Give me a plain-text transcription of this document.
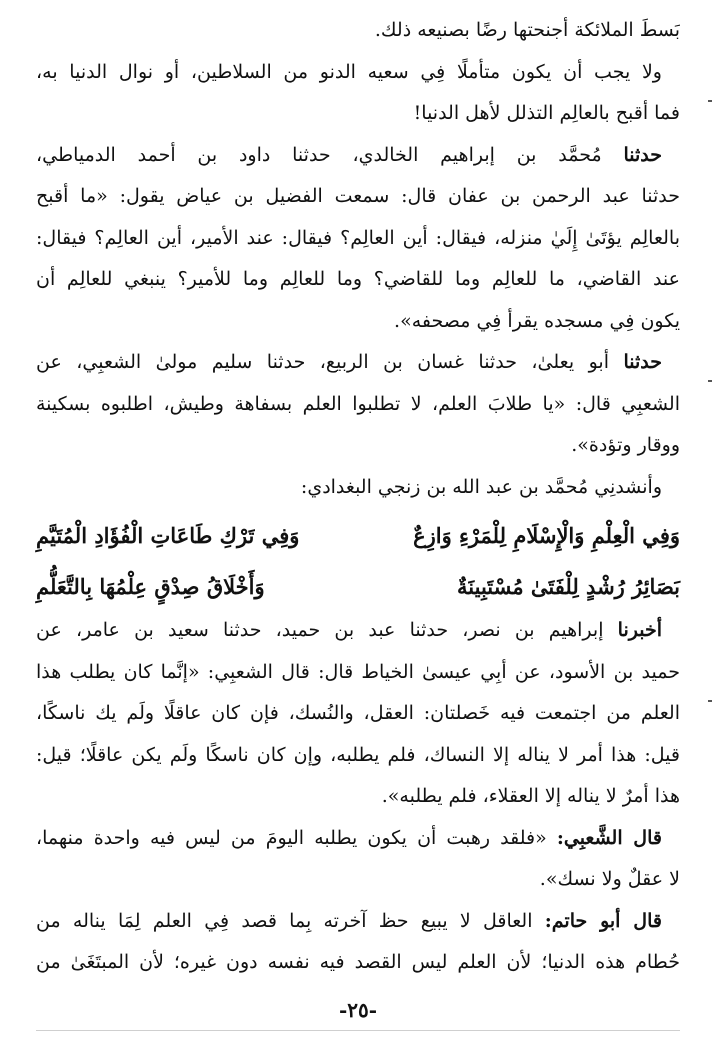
بَسطَ الملائكة أجنحتها رضًا بصنيعه ذلك.
ولا يجب أن يكون متأملًا فِي سعيه الدنو من السلاطين، أو نوال الدنيا به،
فما أقبح بالعالِم التذلل لأهل الدنيا!
حدثنا مُحمَّد بن إبراهيم الخالدي، حدثنا داود بن أحمد الدمياطي،
حدثنا عبد الرحمن بن عفان قال: سمعت الفضيل بن عياض يقول: «ما أقبح
بالعالِم يؤتَىٰ إِلَيٰ منزله، فيقال: أين العالِم؟ فيقال: عند الأمير، أين العالِم؟ فيقال:
عند القاضي، ما للعالِم وما للقاضي؟ وما للعالِم وما للأمير؟ ينبغي للعالِم أن
يكون فِي مسجده يقرأ فِي مصحفه».
حدثنا أبو يعلىٰ، حدثنا غسان بن الربيع، حدثنا سليم مولىٰ الشعبِي، عن
الشعبِي قال: «يا طلابَ العلم، لا تطلبوا العلم بسفاهة وطيش، اطلبوه بسكينة
ووقار وتؤدة».
وأنشدنِي مُحمَّد بن عبد الله بن زنجي البغدادي:
وَفِي الْعِلْمِ وَالْإِسْلَامِ لِلْمَرْءِ وَازِعٌ
وَفِي تَرْكِ طَاعَاتِ الْفُؤَادِ الْمُتَيَّمِ
بَصَائِرُ رُشْدٍ لِلْفَتَىٰ مُسْتَبِينَةٌ
وَأَخْلَاقُ صِدْقٍ عِلْمُهَا بِالتَّعَلُّمِ
أخبرنا إبراهيم بن نصر، حدثنا عبد بن حميد، حدثنا سعيد بن عامر، عن
حميد بن الأسود، عن أبِي عيسىٰ الخياط قال: قال الشعبِي: «إنَّما كان يطلب هذا
العلم من اجتمعت فيه خَصلتان: العقل، والنُسك، فإن كان عاقلًا ولَم يك ناسكًا،
قيل: هذا أمر لا يناله إلا النساك، فلم يطلبه، وإن كان ناسكًا ولَم يكن عاقلًا؛ قيل:
هذا أمرٌ لا يناله إلا العقلاء، فلم يطلبه».
قال الشَّعبِي: «فلقد رهبت أن يكون يطلبه اليومَ من ليس فيه واحدة منهما،
لا عقلٌ ولا نسك».
قال أبو حاتم: العاقل لا يبيع حظ آخرته بِما قصد فِي العلم لِمَا يناله من
حُطام هذه الدنيا؛ لأن العلم ليس القصد فيه نفسه دون غيره؛ لأن المبتَغَىٰ من
-٢٥-
